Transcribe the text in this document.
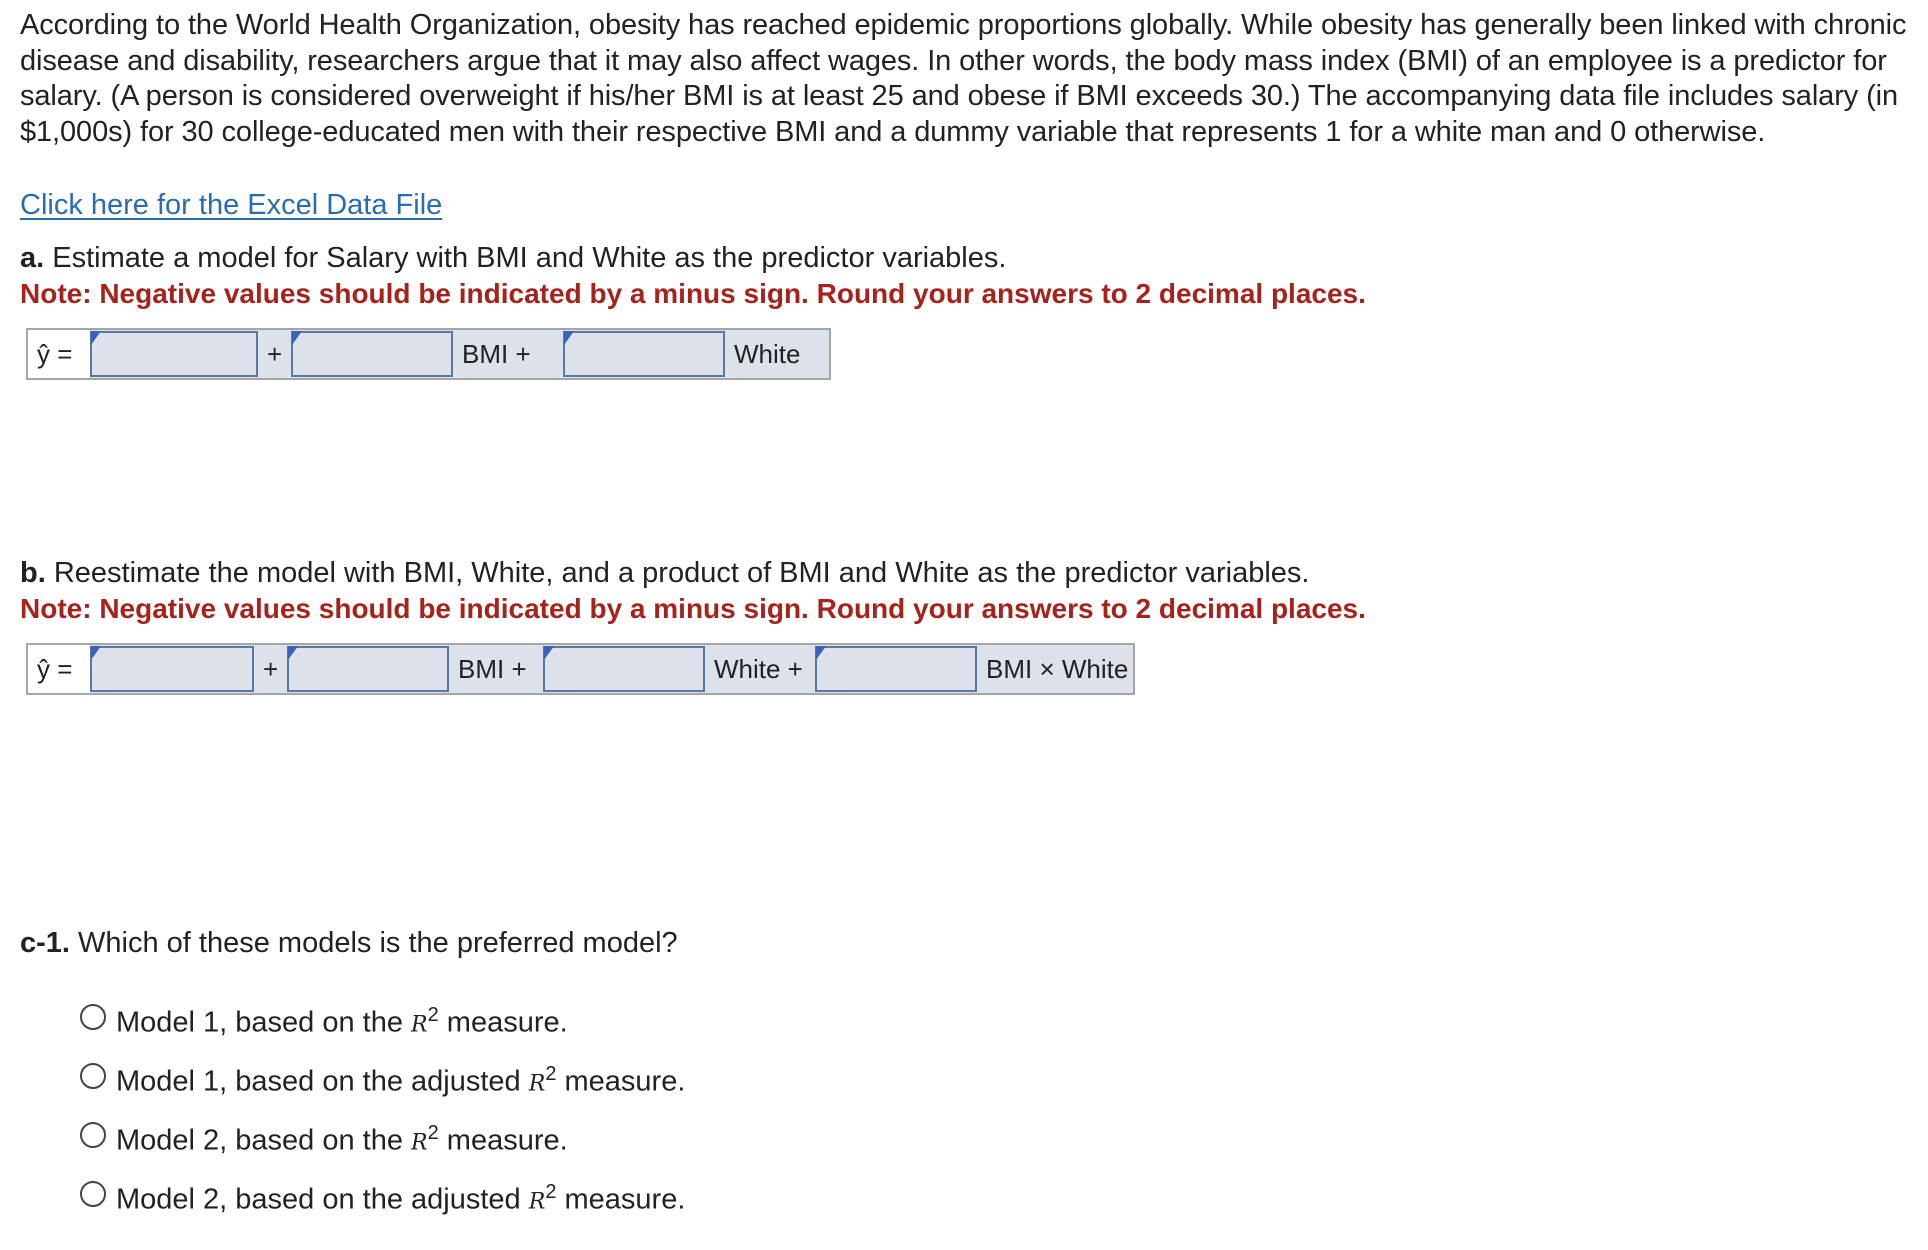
According to the World Health Organization, obesity has reached epidemic proportions globally. While obesity has generally been linked with chronic disease and disability, researchers argue that it may also affect wages. In other words, the body mass index (BMI) of an employee is a predictor for salary. (A person is considered overweight if his/her BMI is at least 25 and obese if BMI exceeds 30.) The accompanying data file includes salary (in $1,000s) for 30 college-educated men with their respective BMI and a dummy variable that represents 1 for a white man and 0 otherwise.

Click here for the Excel Data File

a. Estimate a model for Salary with BMI and White as the predictor variables.

Note: Negative values should be indicated by a minus sign. Round your answers to 2 decimal places.

ŷ =	+	BMI +	White

b. Reestimate the model with BMI, White, and a product of BMI and White as the predictor variables.

Note: Negative values should be indicated by a minus sign. Round your answers to 2 decimal places.

ŷ =	+	BMI +	White +	BMI × White

c-1. Which of these models is the preferred model?

Model 1, based on the $R^2$ measure.
Model 1, based on the adjusted $R^2$ measure.
Model 2, based on the $R^2$ measure.
Model 2, based on the adjusted $R^2$ measure.
